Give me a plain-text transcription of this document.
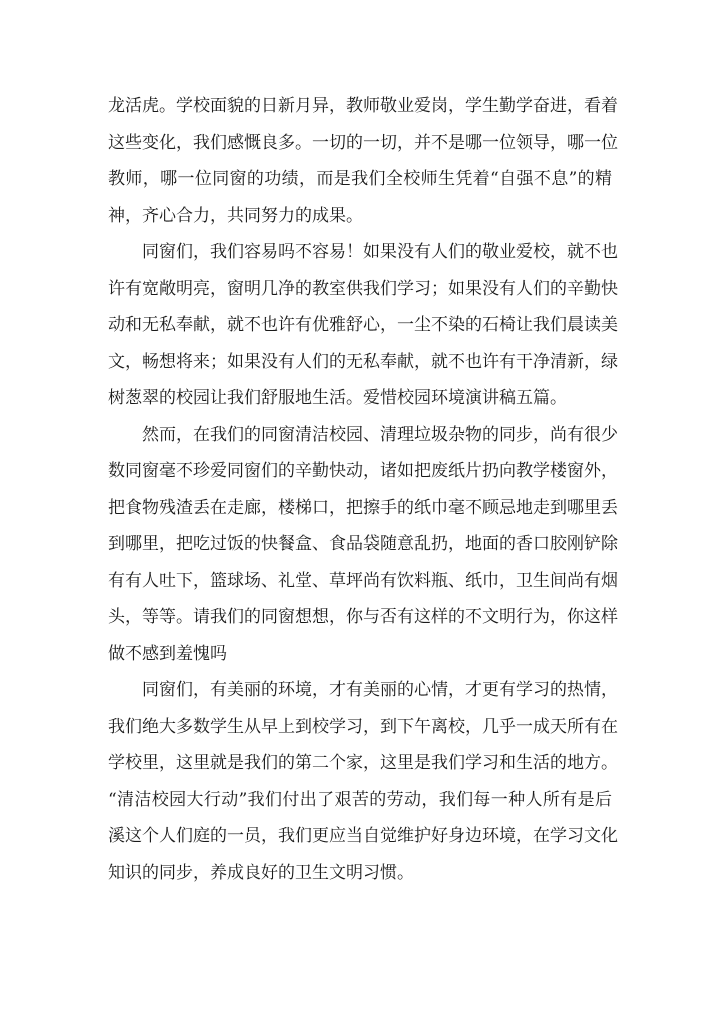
龙活虎。学校面貌的日新月异，教师敬业爱岗，学生勤学奋进，看着
这些变化，我们感慨良多。一切的一切，并不是哪一位领导，哪一位
教师，哪一位同窗的功绩，而是我们全校师生凭着“自强不息”的精
神，齐心合力，共同努力的成果。
　　同窗们，我们容易吗不容易！如果没有人们的敬业爱校，就不也
许有宽敞明亮，窗明几净的教室供我们学习；如果没有人们的辛勤快
动和无私奉献，就不也许有优雅舒心，一尘不染的石椅让我们晨读美
文，畅想将来；如果没有人们的无私奉献，就不也许有干净清新，绿
树葱翠的校园让我们舒服地生活。爱惜校园环境演讲稿五篇。
　　然而，在我们的同窗清洁校园、清理垃圾杂物的同步，尚有很少
数同窗毫不珍爱同窗们的辛勤快动，诸如把废纸片扔向教学楼窗外，
把食物残渣丢在走廊，楼梯口，把擦手的纸巾毫不顾忌地走到哪里丢
到哪里，把吃过饭的快餐盒、食品袋随意乱扔，地面的香口胶刚铲除
有有人吐下，篮球场、礼堂、草坪尚有饮料瓶、纸巾，卫生间尚有烟
头，等等。请我们的同窗想想，你与否有这样的不文明行为，你这样
做不感到羞愧吗
　　同窗们，有美丽的环境，才有美丽的心情，才更有学习的热情，
我们绝大多数学生从早上到校学习，到下午离校，几乎一成天所有在
学校里，这里就是我们的第二个家，这里是我们学习和生活的地方。
“清洁校园大行动”我们付出了艰苦的劳动，我们每一种人所有是后
溪这个人们庭的一员，我们更应当自觉维护好身边环境，在学习文化
知识的同步，养成良好的卫生文明习惯。
